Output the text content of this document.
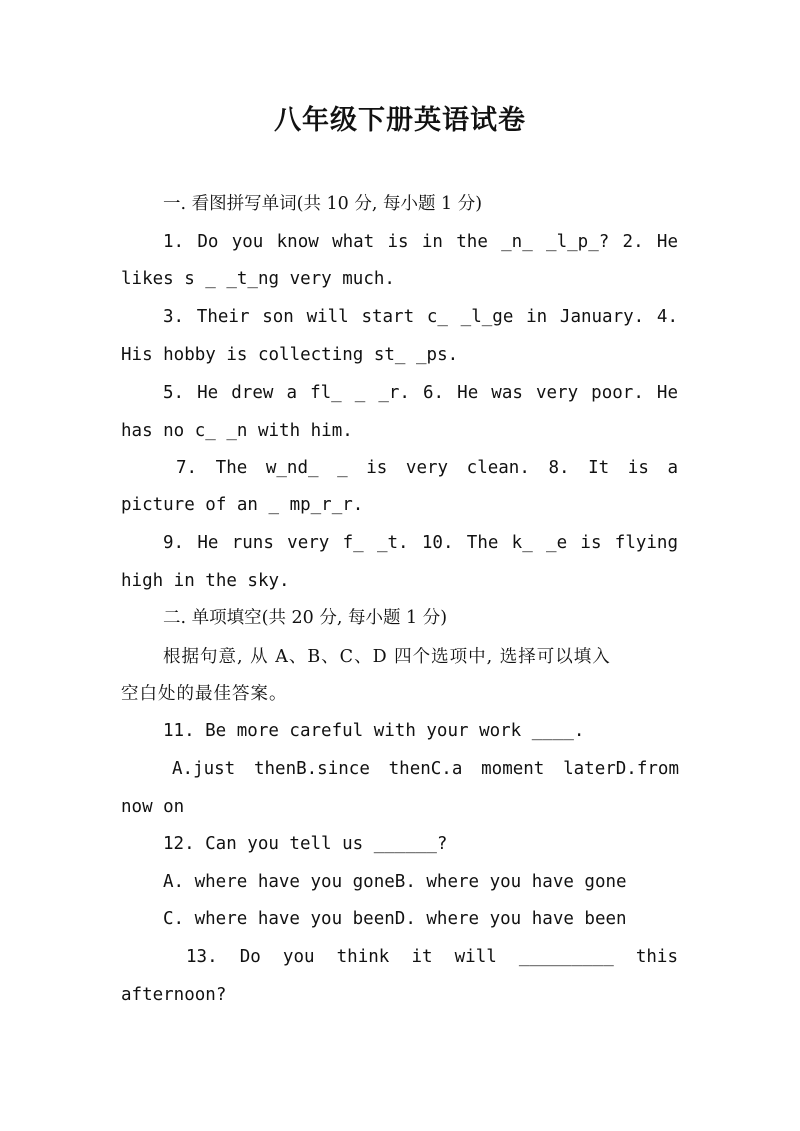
八年级下册英语试卷
一. 看图拼写单词(共 10 分, 每小题 1 分)
1. Do you know what is in the _n_ _l_p_? 2. He
likes s _ _t_ng very much.
3. Their son will start c_ _l_ge in January. 4.
His hobby is collecting st_ _ps.
5. He drew a fl_ _ _r. 6. He was very poor. He
has no c_ _n with him.
7. The w_nd_ _ is very clean. 8. It is a
picture of an _ mp_r_r.
9. He runs very f_ _t. 10. The k_ _e is flying
high in the sky.
二. 单项填空(共 20 分, 每小题 1 分)
根据句意, 从 A、B、C、D 四个选项中, 选择可以填入
空白处的最佳答案。
11. Be more careful with your work ____.
A.just thenB.since thenC.a moment laterD.from
now on
12. Can you tell us ______?
A. where have you goneB. where you have gone
C. where have you beenD. where you have been
13. Do you think it will _________ this
afternoon?
